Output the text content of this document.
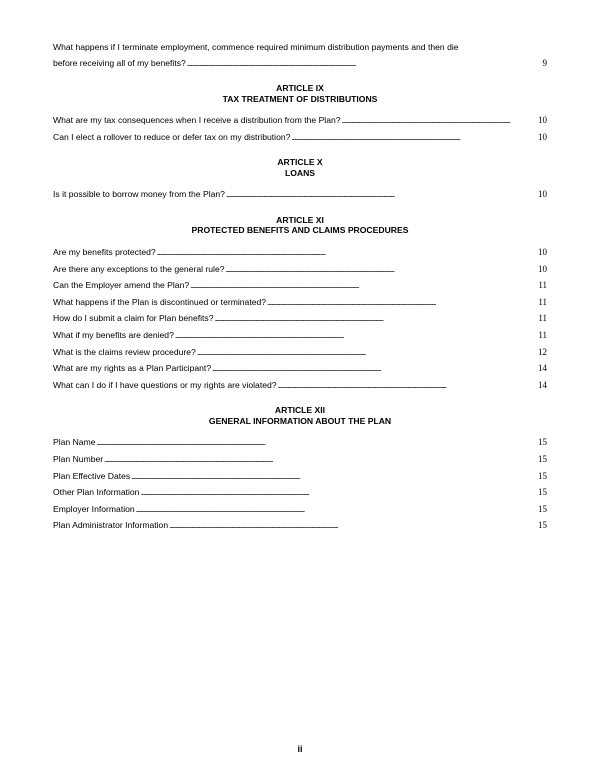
What happens if I terminate employment, commence required minimum distribution payments and then die
before receiving all of my benefits? . . .	9
ARTICLE IX
TAX TREATMENT OF DISTRIBUTIONS
What are my tax consequences when I receive a distribution from the Plan? . . .	10
Can I elect a rollover to reduce or defer tax on my distribution? . . .	10
ARTICLE X
LOANS
Is it possible to borrow money from the Plan? . . .	10
ARTICLE XI
PROTECTED BENEFITS AND CLAIMS PROCEDURES
Are my benefits protected? . . .	10
Are there any exceptions to the general rule? . . .	10
Can the Employer amend the Plan? . . .	11
What happens if the Plan is discontinued or terminated? . . .	11
How do I submit a claim for Plan benefits? . . .	11
What if my benefits are denied? . . .	11
What is the claims review procedure? . . .	12
What are my rights as a Plan Participant? . . .	14
What can I do if I have questions or my rights are violated? . . .	14
ARTICLE XII
GENERAL INFORMATION ABOUT THE PLAN
Plan Name . . .	15
Plan Number . . .	15
Plan Effective Dates . . .	15
Other Plan Information . . .	15
Employer Information . . .	15
Plan Administrator Information . . .	15
ii
